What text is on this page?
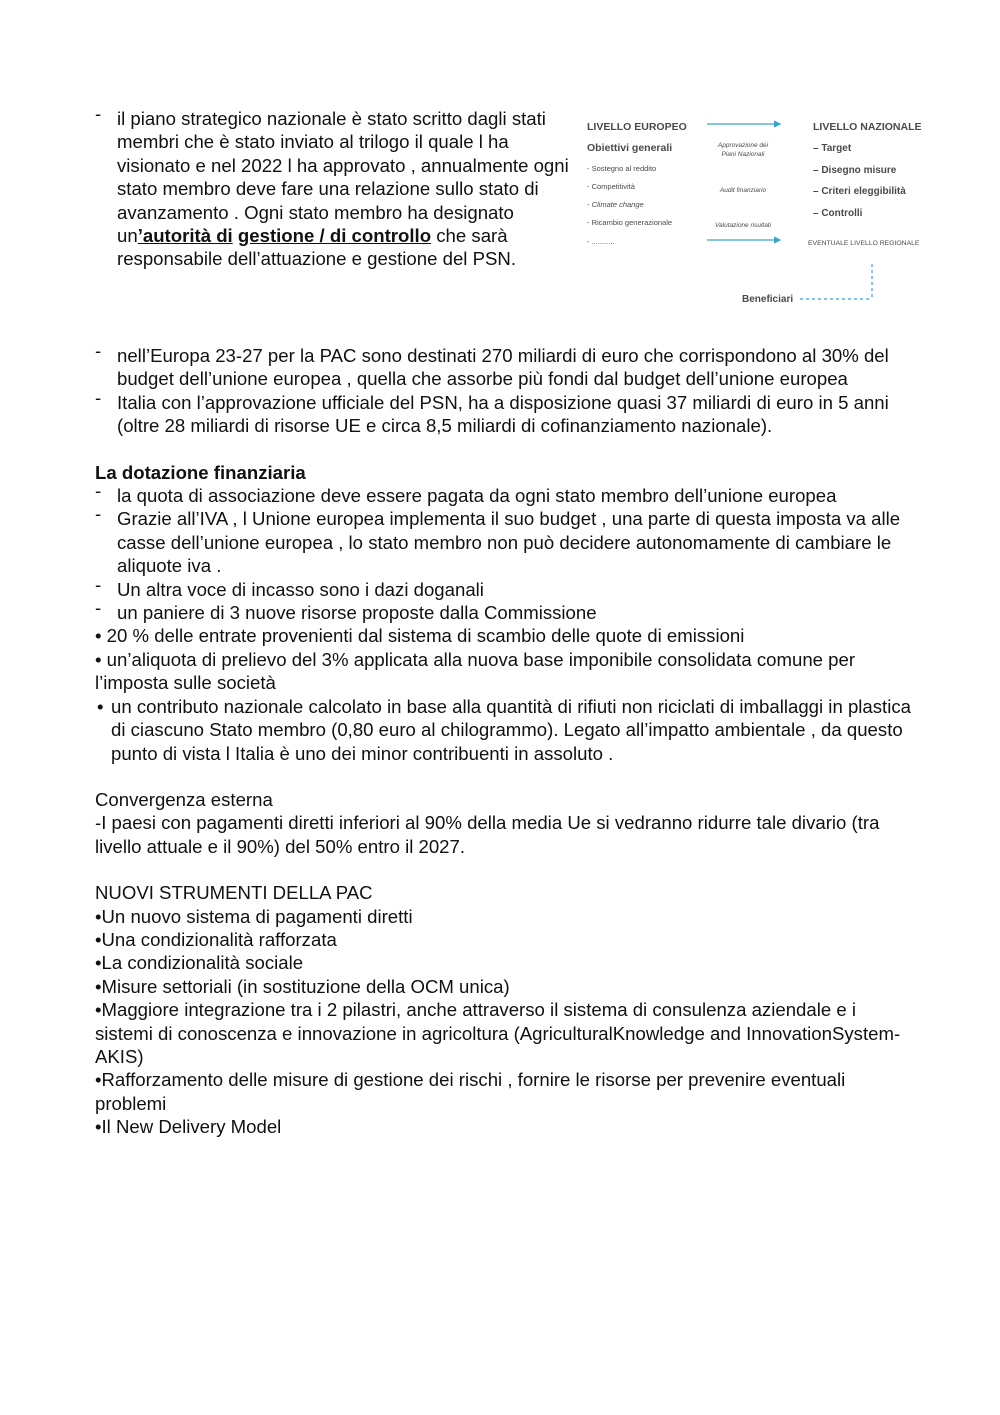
- il piano strategico nazionale è stato scritto dagli stati membri che è stato inviato al trilogo il quale l ha visionato e nel 2022 l ha approvato , annualmente ogni stato membro deve fare una relazione sullo stato di avanzamento . Ogni stato membro ha designato un’autorità di gestione / di controllo che sarà responsabile dell’attuazione e gestione del PSN.
LIVELLO EUROPEO
Obiettivi generali
- Sostegno al reddito
- Competitività
- Climate change
- Ricambio generazionale
- ...........
Approvazione dei
Piani Nazionali
Audit finanziario
Valutazione risultati
LIVELLO NAZIONALE
– Target
– Disegno misure
– Criteri eleggibilità
– Controlli
EVENTUALE LIVELLO REGIONALE
Beneficiari
- nell’Europa 23-27 per la PAC sono destinati 270 miliardi di euro che corrispondono al 30% del budget dell’unione europea , quella che assorbe più fondi dal budget dell’unione europea
- Italia con l’approvazione ufficiale del PSN, ha a disposizione quasi 37 miliardi di euro in 5 anni (oltre 28 miliardi di risorse UE e circa 8,5 miliardi di cofinanziamento nazionale).
La dotazione finanziaria
- la quota di associazione deve essere pagata da ogni stato membro dell’unione europea
- Grazie all’IVA , l Unione europea implementa il suo budget , una parte di questa imposta va alle casse dell’unione europea , lo stato membro non può decidere autonomamente di cambiare le aliquote iva .
- Un altra voce di incasso sono i dazi doganali
- un paniere di 3 nuove risorse proposte dalla Commissione
• 20 % delle entrate provenienti dal sistema di scambio delle quote di emissioni
• un’aliquota di prelievo del 3% applicata alla nuova base imponibile consolidata comune per l’imposta sulle società
• un contributo nazionale calcolato in base alla quantità di rifiuti non riciclati di imballaggi in plastica di ciascuno Stato membro (0,80 euro al chilogrammo). Legato all’impatto ambientale , da questo punto di vista l Italia è uno dei minor contribuenti in assoluto .
Convergenza esterna
-I paesi con pagamenti diretti inferiori al 90% della media Ue si vedranno ridurre tale divario (tra livello attuale e il 90%) del 50% entro il 2027.
NUOVI STRUMENTI DELLA PAC
•Un nuovo sistema di pagamenti diretti
•Una condizionalità rafforzata
•La condizionalità sociale
•Misure settoriali (in sostituzione della OCM unica)
•Maggiore integrazione tra i 2 pilastri, anche attraverso il sistema di consulenza aziendale e i sistemi di conoscenza e innovazione in agricoltura (AgriculturalKnowledge and InnovationSystem-AKIS)
•Rafforzamento delle misure di gestione dei rischi , fornire le risorse per prevenire eventuali problemi
•Il New Delivery Model
